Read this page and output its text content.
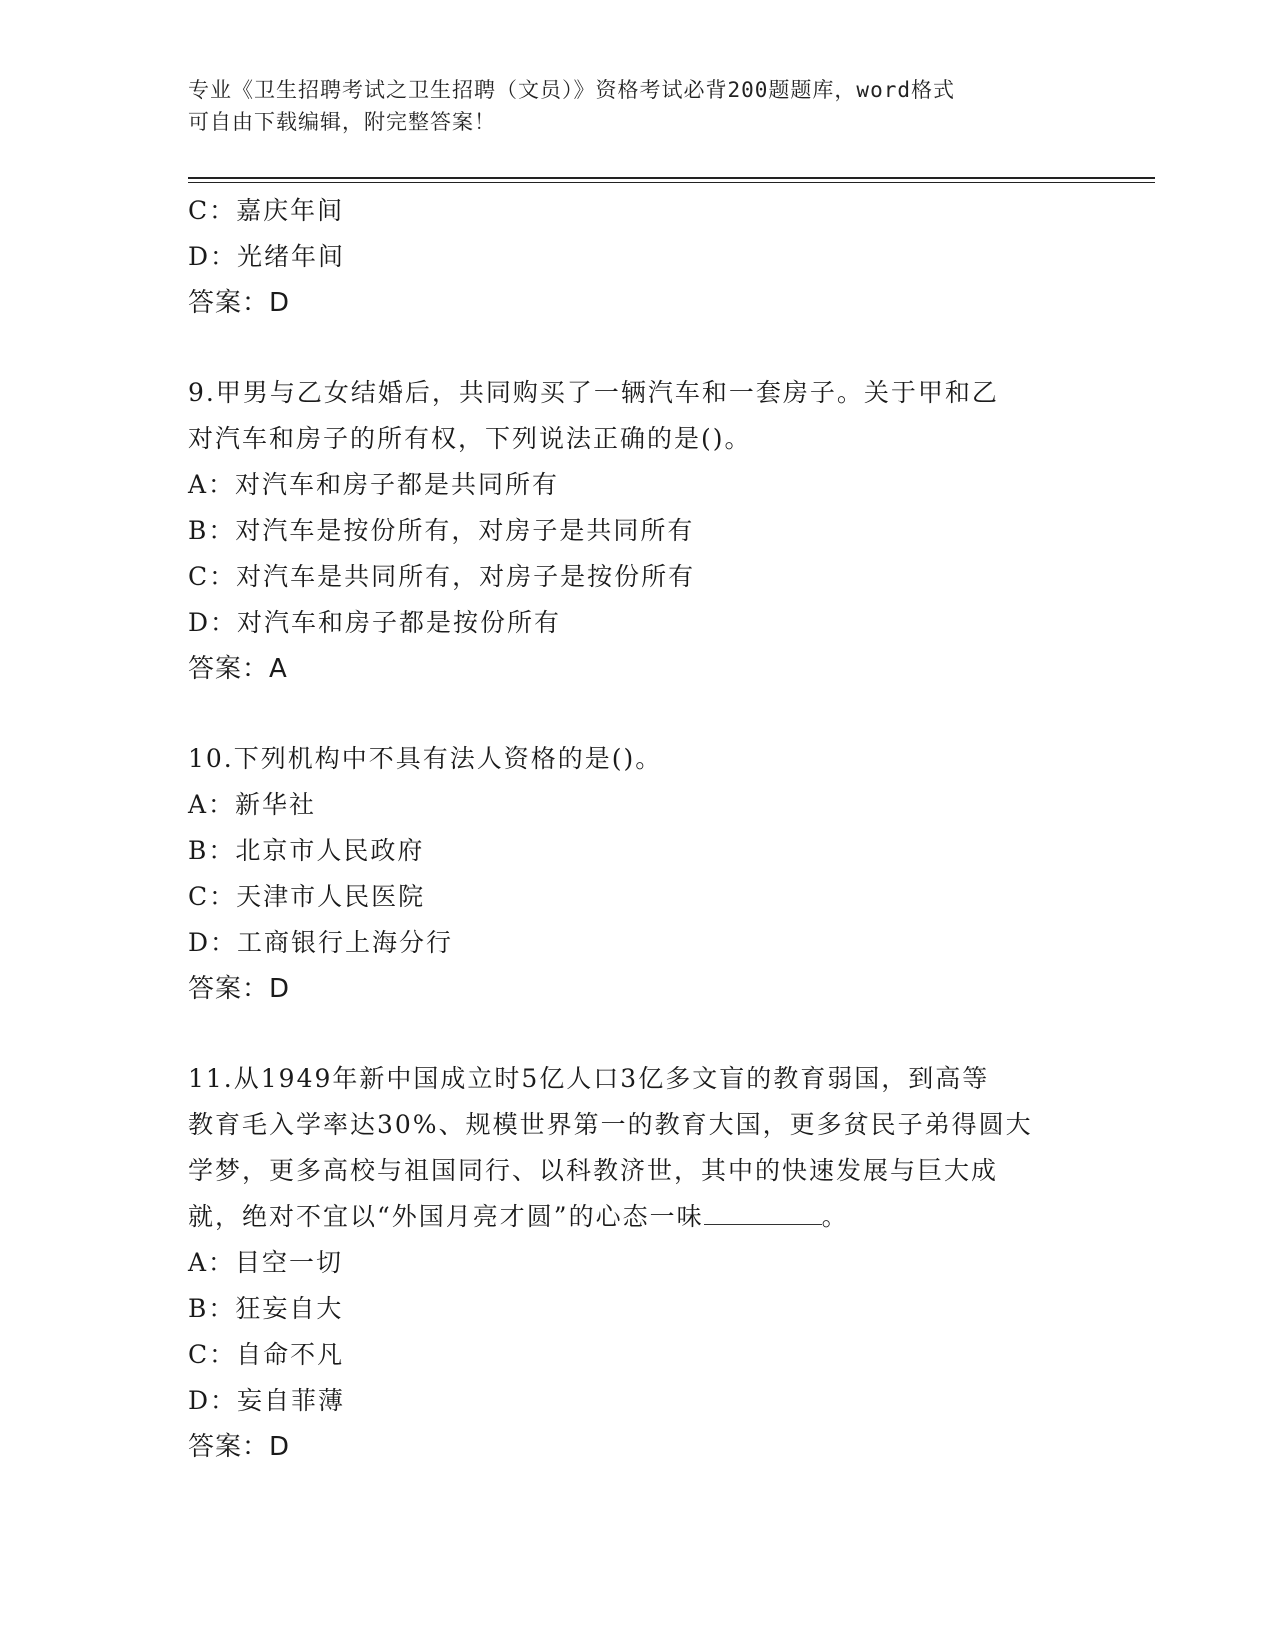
专业《卫生招聘考试之卫生招聘（文员）》资格考试必背200题题库，word格式
可自由下载编辑，附完整答案！
C：嘉庆年间
D：光绪年间
答案：D
9.甲男与乙女结婚后，共同购买了一辆汽车和一套房子。关于甲和乙
对汽车和房子的所有权，下列说法正确的是()。
A：对汽车和房子都是共同所有
B：对汽车是按份所有，对房子是共同所有
C：对汽车是共同所有，对房子是按份所有
D：对汽车和房子都是按份所有
答案：A
10.下列机构中不具有法人资格的是()。
A：新华社
B：北京市人民政府
C：天津市人民医院
D：工商银行上海分行
答案：D
11.从1949年新中国成立时5亿人口3亿多文盲的教育弱国，到高等
教育毛入学率达30%、规模世界第一的教育大国，更多贫民子弟得圆大
学梦，更多高校与祖国同行、以科教济世，其中的快速发展与巨大成
就，绝对不宜以“外国月亮才圆”的心态一味	。
A：目空一切
B：狂妄自大
C：自命不凡
D：妄自菲薄
答案：D
